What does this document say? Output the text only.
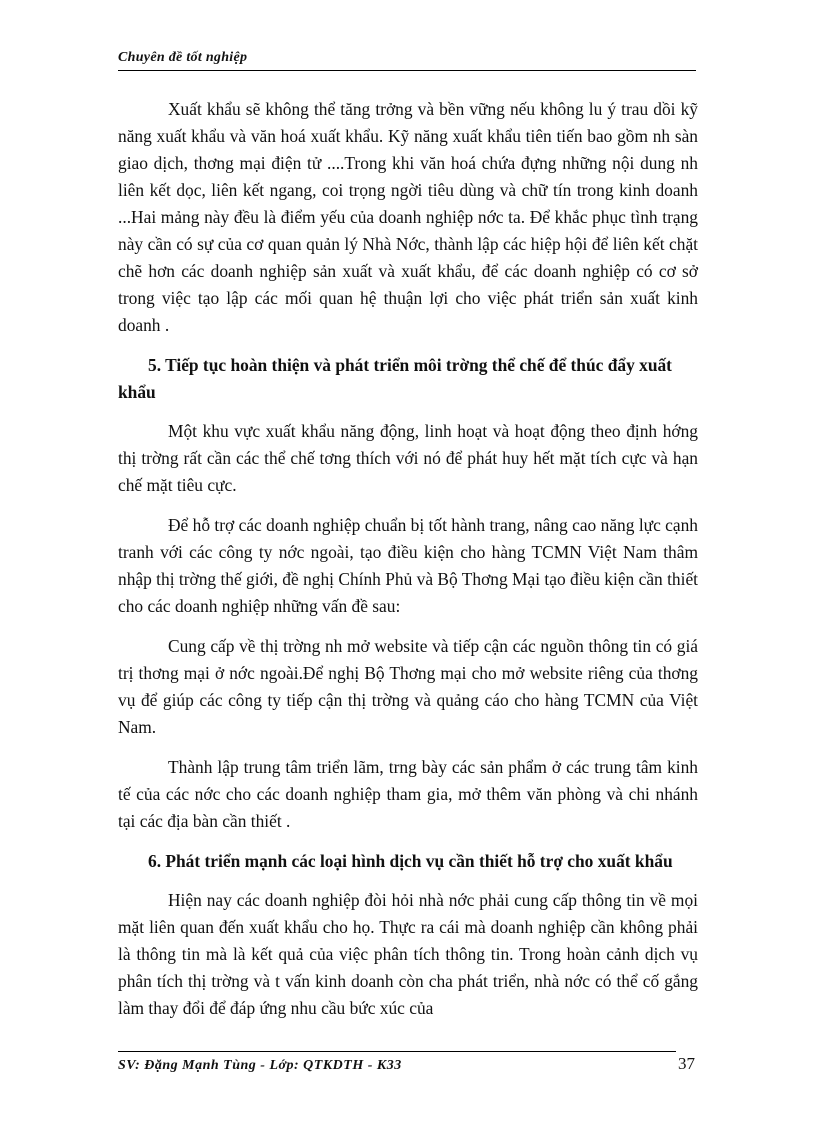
Chuyên đề tốt nghiệp

Xuất khẩu sẽ không thể tăng trởng và bền vững nếu không lu ý trau dồi kỹ năng xuất khẩu và văn hoá xuất khẩu. Kỹ năng xuất khẩu tiên tiến bao gồm nh sàn giao dịch, thơng mại điện tử ....Trong khi văn hoá chứa đựng những nội dung nh liên kết dọc, liên kết ngang, coi trọng ngời tiêu dùng và chữ tín trong kinh doanh ...Hai mảng này đều là điểm yếu của doanh nghiệp nớc ta. Để khắc phục tình trạng này cần có sự của cơ quan quản lý Nhà Nớc, thành lập các hiệp hội để liên kết chặt chẽ hơn các doanh nghiệp sản xuất và xuất khẩu, để các doanh nghiệp có cơ sở trong việc tạo lập các mối quan hệ thuận lợi cho việc phát triển sản xuất kinh doanh .

5. Tiếp tục hoàn thiện và phát triển môi trờng thể chế để thúc đẩy xuất khẩu

Một khu vực xuất khẩu năng động, linh hoạt và hoạt động theo định hớng thị trờng rất cần các thể chế tơng thích với nó để phát huy hết mặt tích cực và hạn chế mặt tiêu cực.

Để hỗ trợ các doanh nghiệp chuẩn bị tốt hành trang, nâng cao năng lực cạnh tranh với các công ty nớc ngoài, tạo điều kiện cho hàng TCMN Việt Nam thâm nhập thị trờng thế giới, đề nghị Chính Phủ và Bộ Thơng Mại tạo điều kiện cần thiết cho các doanh nghiệp những vấn đề sau:

Cung cấp về thị trờng nh mở website và tiếp cận các nguồn thông tin có giá trị thơng mại ở nớc ngoài.Để nghị Bộ Thơng mại cho mở website riêng của thơng vụ để giúp các công ty tiếp cận thị trờng và quảng cáo cho hàng TCMN của Việt Nam.

Thành lập trung tâm triển lãm, trng bày các sản phẩm ở các trung tâm kinh tế của các nớc cho các doanh nghiệp tham gia, mở thêm văn phòng và chi nhánh tại các địa bàn cần thiết .

6. Phát triển mạnh các loại hình dịch vụ cần thiết hỗ trợ cho xuất khẩu

Hiện nay các doanh nghiệp đòi hỏi nhà nớc phải cung cấp thông tin về mọi mặt liên quan đến xuất khẩu cho họ. Thực ra cái mà doanh nghiệp cần không phải là thông tin mà là kết quả của việc phân tích thông tin. Trong hoàn cảnh dịch vụ phân tích thị trờng và t vấn kinh doanh còn cha phát triển, nhà nớc có thể cố gắng làm thay đổi để đáp ứng nhu cầu bức xúc của

SV: Đặng Mạnh Tùng - Lớp: QTKDTH - K33	37
